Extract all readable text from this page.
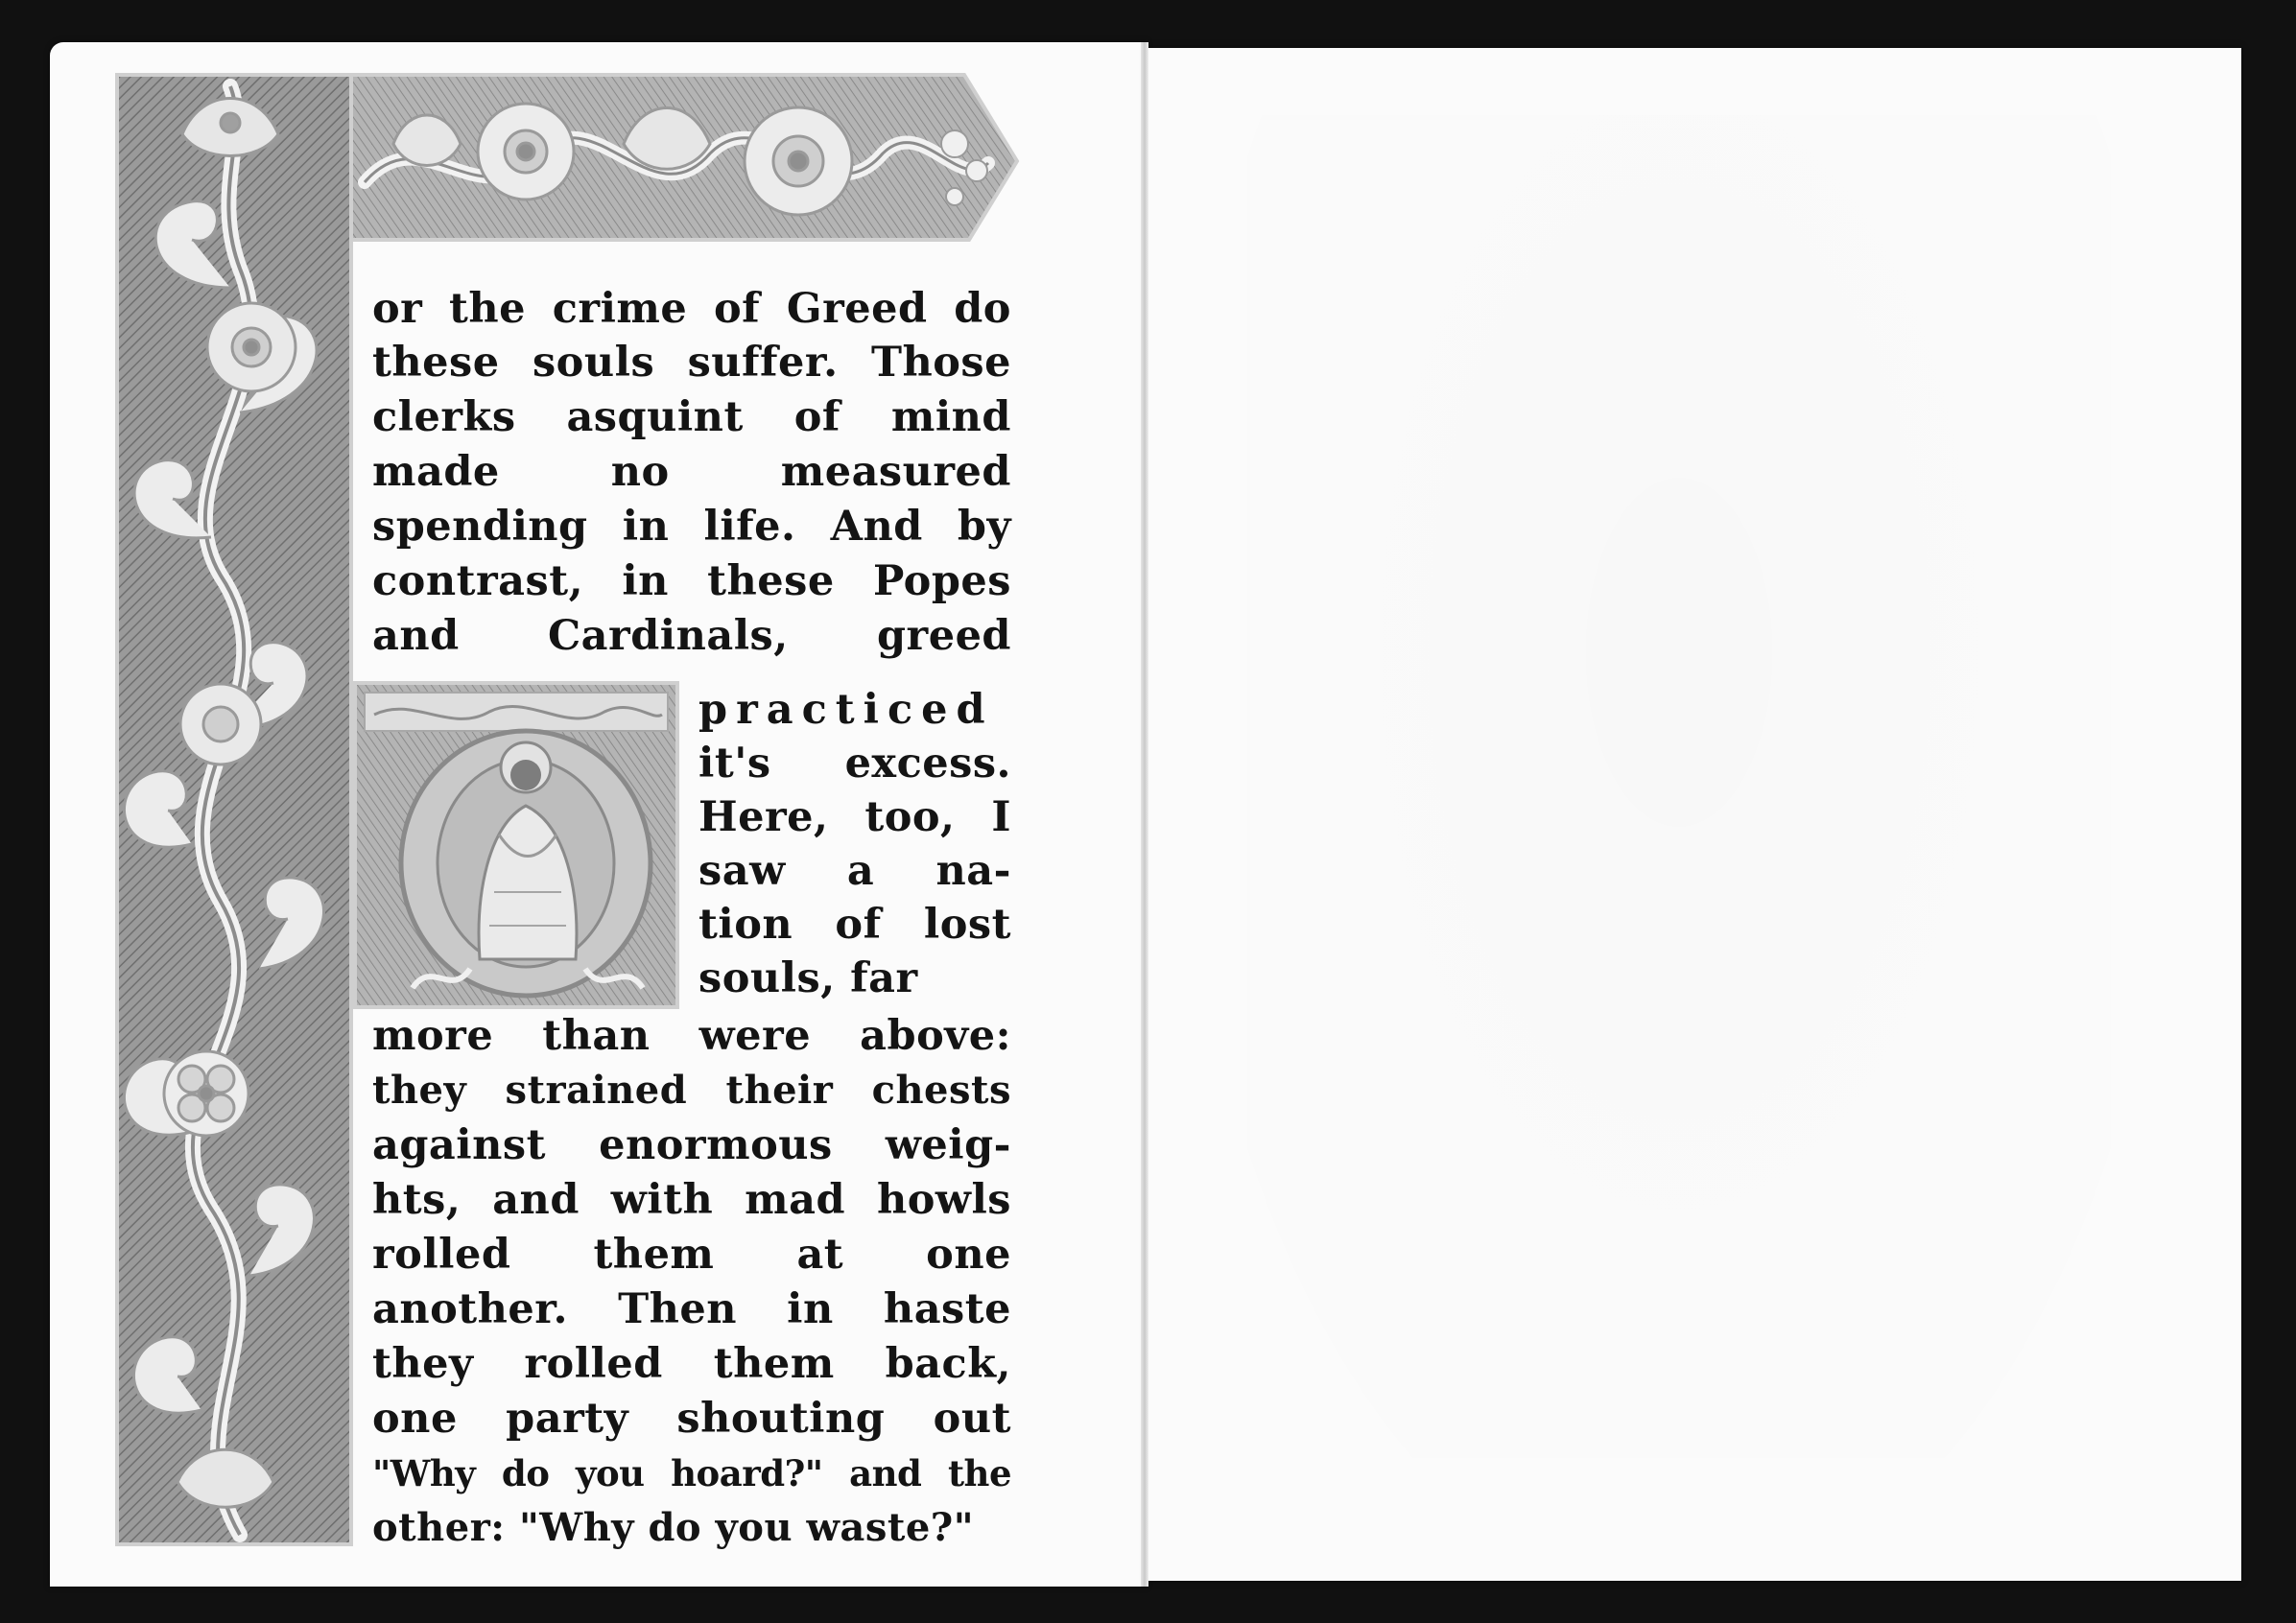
or the crime of Greed do
these souls suffer. Those
clerks asquint of mind
made no measured
spending in life. And by
contrast, in these Popes
and Cardinals, greed
practiced
it's excess.
Here, too, I
saw a na-
tion of lost
souls, far
more than were above:
they strained their chests
against enormous weig-
hts, and with mad howls
rolled them at one
another. Then in haste
they rolled them back,
one party shouting out
"Why do you hoard?" and the
other: "Why do you waste?"
